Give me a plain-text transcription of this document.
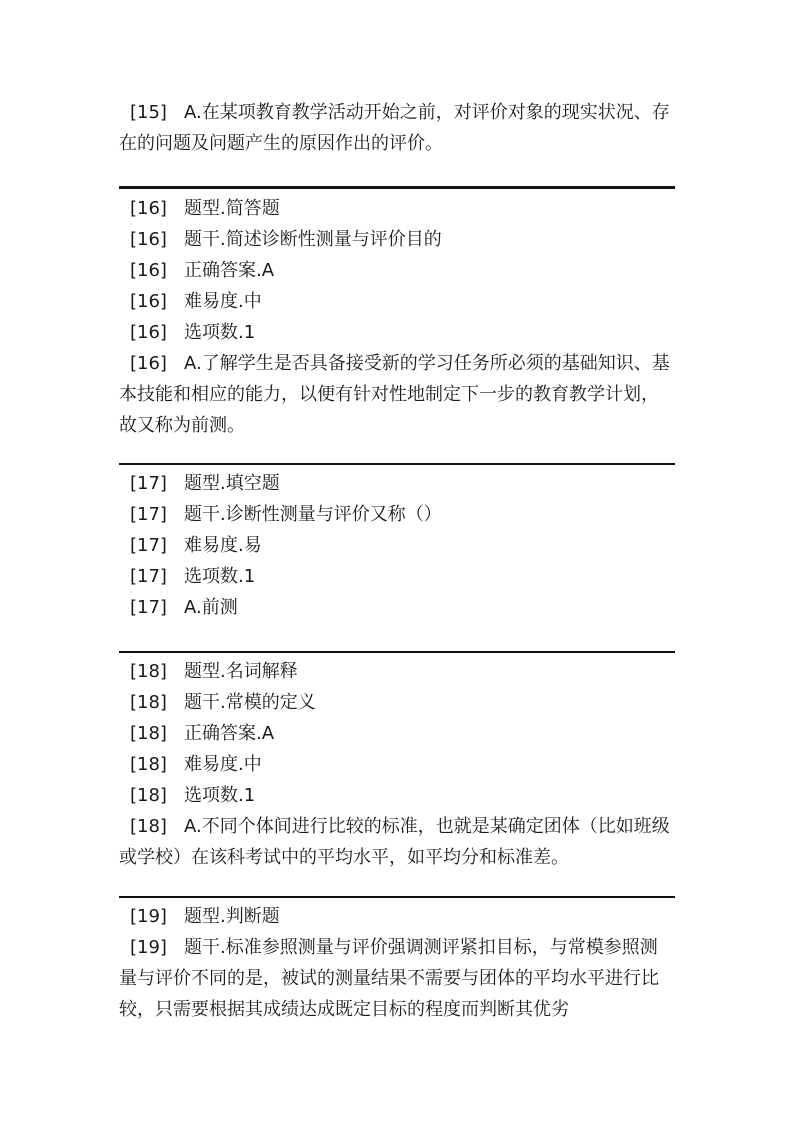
[15] A.在某项教育教学活动开始之前，对评价对象的现实状况、存

在的问题及问题产生的原因作出的评价。

[16] 题型.简答题

[16] 题干.简述诊断性测量与评价目的

[16] 正确答案.A

[16] 难易度.中

[16] 选项数.1

[16] A.了解学生是否具备接受新的学习任务所必须的基础知识、基

本技能和相应的能力，以便有针对性地制定下一步的教育教学计划，

故又称为前测。

[17] 题型.填空题

[17] 题干.诊断性测量与评价又称（）

[17] 难易度.易

[17] 选项数.1

[17] A.前测

[18] 题型.名词解释

[18] 题干.常模的定义

[18] 正确答案.A

[18] 难易度.中

[18] 选项数.1

[18] A.不同个体间进行比较的标准，也就是某确定团体（比如班级

或学校）在该科考试中的平均水平，如平均分和标准差。

[19] 题型.判断题

[19] 题干.标准参照测量与评价强调测评紧扣目标，与常模参照测

量与评价不同的是，被试的测量结果不需要与团体的平均水平进行比

较，只需要根据其成绩达成既定目标的程度而判断其优劣
